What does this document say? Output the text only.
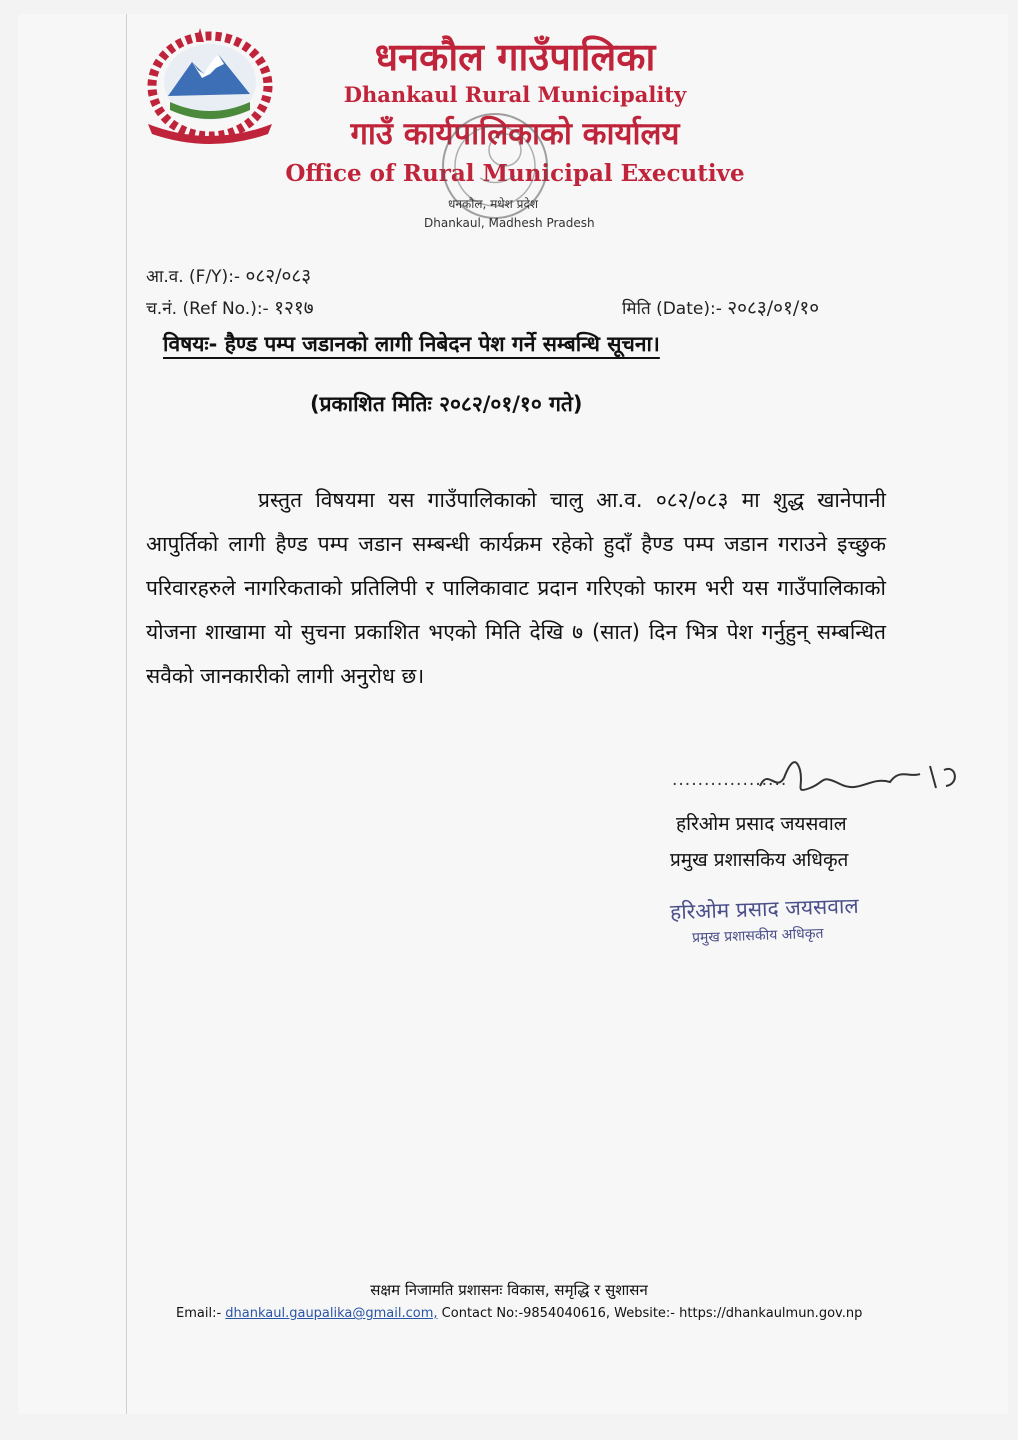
धनकौल गाउँपालिका
Dhankaul Rural Municipality
गाउँ कार्यपालिकाको कार्यालय
Office of Rural Municipal Executive
धनकौल, मधेश प्रदेश
Dhankaul, Madhesh Pradesh
आ.व. (F/Y):- ०८२/०८३
च.नं. (Ref No.):- १२१७	मिति (Date):- २०८३/०१/१०
विषयः- हैण्ड पम्प जडानको लागी निबेदन पेश गर्ने सम्बन्धि सूचना।
(प्रकाशित मितिः २०८२/०१/१० गते)
प्रस्तुत विषयमा यस गाउँपालिकाको चालु आ.व. ०८२/०८३ मा शुद्ध खानेपानी आपुर्तिको लागी हैण्ड पम्प जडान सम्बन्धी कार्यक्रम रहेको हुदाँ हैण्ड पम्प जडान गराउने इच्छुक परिवारहरुले नागरिकताको प्रतिलिपी र पालिकावाट प्रदान गरिएको फारम भरी यस गाउँपालिकाको योजना शाखामा यो सुचना प्रकाशित भएको मिति देखि ७ (सात) दिन भित्र पेश गर्नुहुन् सम्बन्धित सवैको जानकारीको लागी अनुरोध छ।
..................
हरिओम प्रसाद जयसवाल
प्रमुख प्रशासकिय अधिकृत
हरिओम प्रसाद जयसवाल
प्रमुख प्रशासकीय अधिकृत
सक्षम निजामति प्रशासनः विकास, समृद्धि र सुशासन
Email:- dhankaul.gaupalika@gmail.com, Contact No:-9854040616, Website:- https://dhankaulmun.gov.np
